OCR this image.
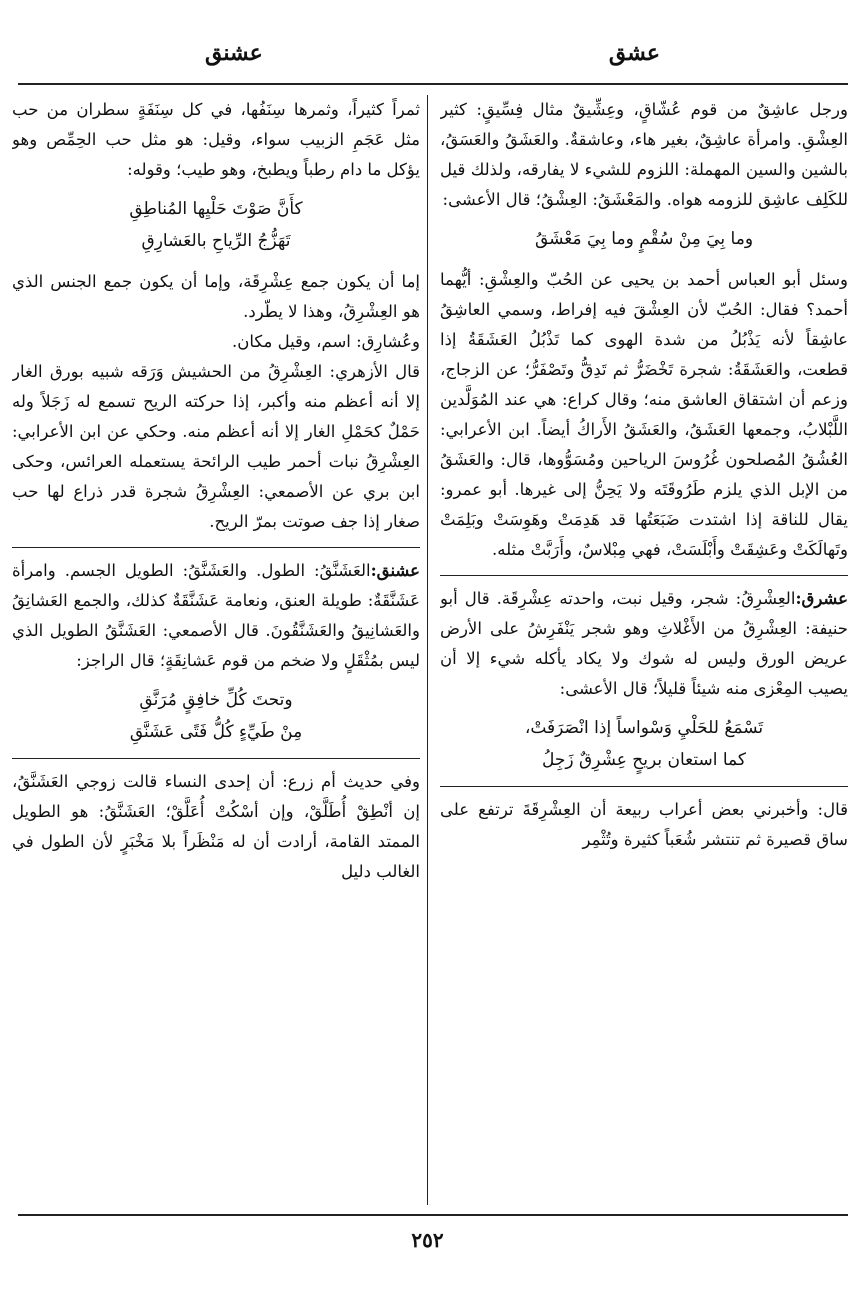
عشق
عشنق

ورجل عاشِقٌ من قوم عُشّاقٍ، وعِشِّيقٌ مثال فِسِّيقٍ: كثير العِشْقِ. وامرأة عاشِقٌ، بغير هاء، وعاشقةٌ. والعَشَقُ والعَسَقُ، بالشين والسين المهملة: اللزوم للشيء لا يفارقه، ولذلك قيل للكَلِف عاشِق للزومه هواه. والمَعْشَقُ: العِشْقُ؛ قال الأعشى:

وما بِيَ مِنْ سُقْمٍ وما بِيَ مَعْشَقُ

وسئل أبو العباس أحمد بن يحيى عن الحُبّ والعِشْقِ: أيُّهما أحمد؟ فقال: الحُبّ لأن العِشْقَ فيه إفراط، وسمي العاشِقُ عاشِقاً لأنه يَذْبُلُ من شدة الهوى كما تَذْبُلُ العَشَقَةُ إذا قطعت، والعَشَقَةُ: شجرة تَخْضَرُّ ثم تَدِقُّ وتَصْفَرُّ؛ عن الزجاج، وزعم أن اشتقاق العاشق منه؛ وقال كراع: هي عند المُوَلَّدين اللَّبْلابُ، وجمعها العَشَقُ، والعَشَقُ الأَراكُ أيضاً. ابن الأعرابي: العُشُقُ المُصلحون غُرُوسَ الرياحين ومُسَوُّوها، قال: والعَشَقُ من الإبل الذي يلزم طَرُوقَتَه ولا يَحِنُّ إلى غيرها. أبو عمرو: يقال للناقة إذا اشتدت ضَبَعَتُها قد هَدِمَتْ وهَوِسَتْ وبَلِمَتْ وتَهالَكَتْ وعَشِقَتْ وأَبْلَسَتْ، فهي مِبْلاسٌ، وأَرَبَّتْ مثله.

عشرق:العِشْرِقُ: شجر، وقيل نبت، واحدته عِشْرِقَة. قال أبو حنيفة: العِشْرِقُ من الأَغْلاثِ وهو شجر يَنْفَرِشُ على الأرض عريض الورق وليس له شوك ولا يكاد يأكله شيء إلا أن يصيب المِعْزى منه شيئاً قليلاً؛ قال الأعشى:

تَسْمَعُ للحَلْيِ وَسْواساً إذا انْصَرَفَتْ،
كما استعان بريحٍ عِشْرِقٌ زَجِلُ

قال: وأخبرني بعض أعراب ربيعة أن العِشْرِقَةَ ترتفع على ساق قصيرة ثم تنتشر شُعَباً كثيرة وتُثْمِر

ثمراً كثيراً، وثمرها سِنَفُها، في كل سِنَفَةٍ سطران من حب مثل عَجَمِ الزبيب سواء، وقيل: هو مثل حب الحِمِّص وهو يؤكل ما دام رطباً ويطبخ، وهو طيب؛ وقوله:

كأَنَّ صَوْتَ حَلْيِها المُناطِقِ
تَهَزُّجُ الرِّياحِ بالعَشارِقِ

إما أن يكون جمع عِشْرِقَة، وإما أن يكون جمع الجنس الذي هو العِشْرِقُ، وهذا لا يطّرد.
وعُشارِق: اسم، وقيل مكان.
قال الأزهري: العِشْرِقُ من الحشيش وَرَقه شبيه بورق الغار إلا أنه أعظم منه وأكبر، إذا حركته الريح تسمع له زَجَلاً وله حَمْلٌ كحَمْلِ الغار إلا أنه أعظم منه. وحكي عن ابن الأعرابي: العِشْرِقُ نبات أحمر طيب الرائحة يستعمله العرائس، وحكى ابن بري عن الأصمعي: العِشْرِقُ شجرة قدر ذراع لها حب صغار إذا جف صوتت بمرّ الريح.

عشنق:العَشَنَّقُ: الطول. والعَشَنَّقُ: الطويل الجسم. وامرأة عَشَنَّقَةٌ: طويلة العنق، ونعامة عَشَنَّقَةٌ كذلك، والجمع العَشانِقُ والعَشانِيقُ والعَشَنَّقُونَ. قال الأصمعي: العَشَنَّقُ الطويل الذي ليس بمُثْقَلٍ ولا ضخم من قوم عَشانِقَةٍ؛ قال الراجز:

وتحتَ كُلِّ خافِقٍ مُرَنَّقِ
مِنْ طَيِّءٍ كُلُّ فَتًى عَشَنَّقِ

وفي حديث أم زرع: أن إحدى النساء قالت زوجي العَشَنَّقُ، إن أنْطِقْ أُطَلَّقْ، وإن أسْكُتْ أُعَلَّقْ؛ العَشَنَّقُ: هو الطويل الممتد القامة، أرادت أن له مَنْظَراً بلا مَخْبَرٍ لأن الطول في الغالب دليل

٢٥٢
